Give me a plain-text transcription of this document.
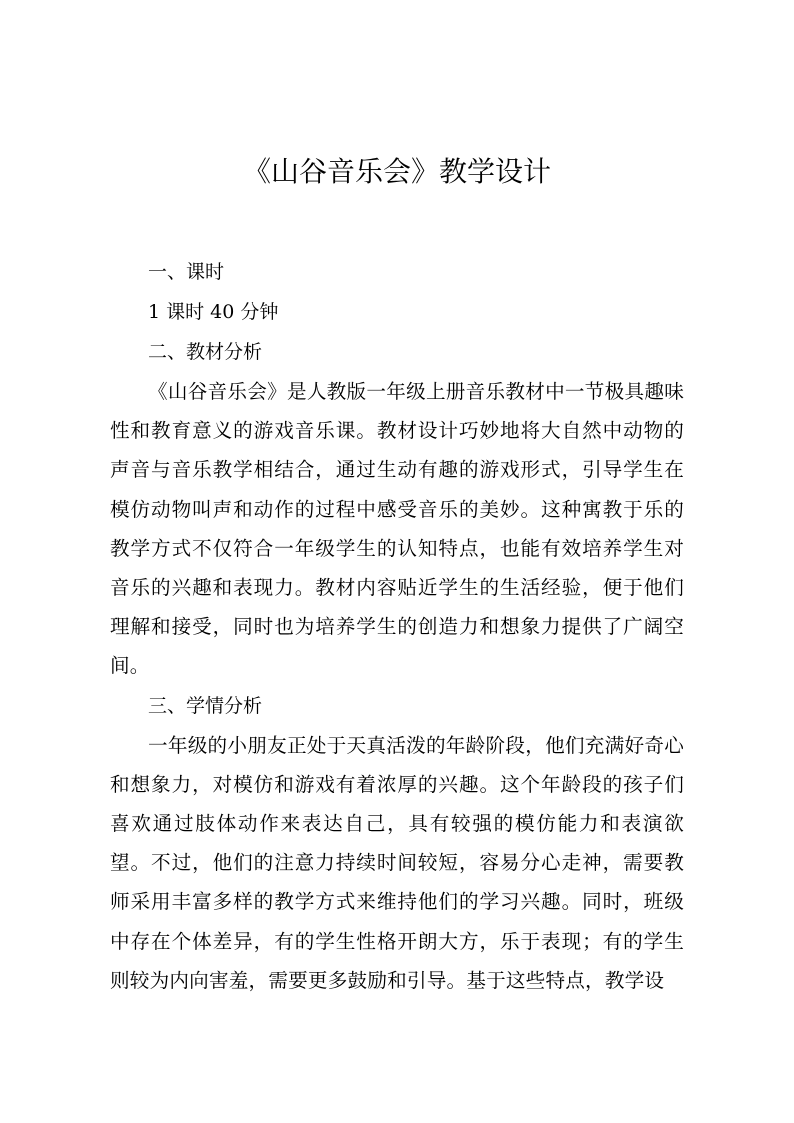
《山谷音乐会》教学设计

一、课时

1 课时 40 分钟

二、教材分析

《山谷音乐会》是人教版一年级上册音乐教材中一节极具趣味性和教育意义的游戏音乐课。教材设计巧妙地将大自然中动物的声音与音乐教学相结合，通过生动有趣的游戏形式，引导学生在模仿动物叫声和动作的过程中感受音乐的美妙。这种寓教于乐的教学方式不仅符合一年级学生的认知特点，也能有效培养学生对音乐的兴趣和表现力。教材内容贴近学生的生活经验，便于他们理解和接受，同时也为培养学生的创造力和想象力提供了广阔空间。

三、学情分析

一年级的小朋友正处于天真活泼的年龄阶段，他们充满好奇心和想象力，对模仿和游戏有着浓厚的兴趣。这个年龄段的孩子们喜欢通过肢体动作来表达自己，具有较强的模仿能力和表演欲望。不过，他们的注意力持续时间较短，容易分心走神，需要教师采用丰富多样的教学方式来维持他们的学习兴趣。同时，班级中存在个体差异，有的学生性格开朗大方，乐于表现；有的学生则较为内向害羞，需要更多鼓励和引导。基于这些特点，教学设
